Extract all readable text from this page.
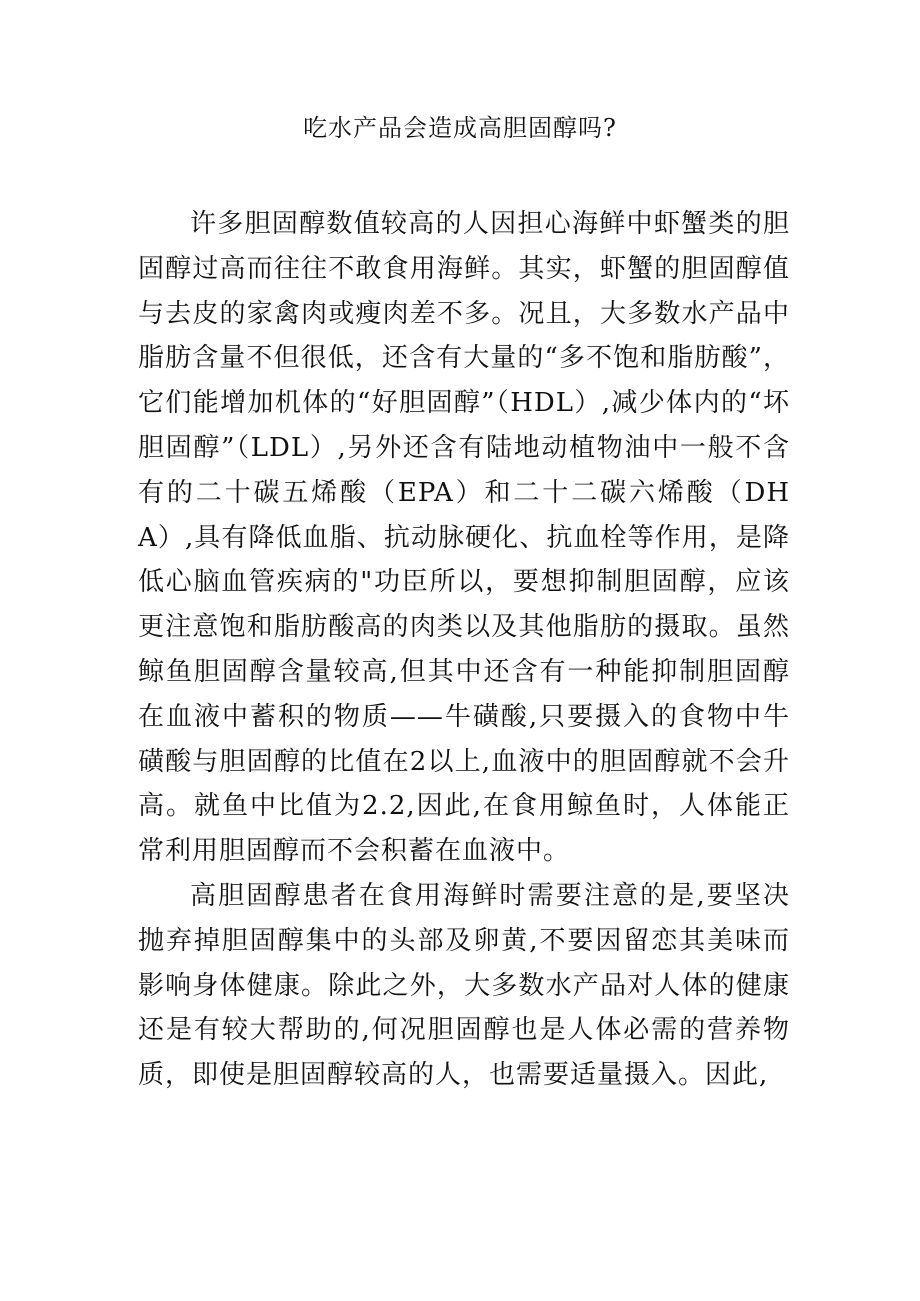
吃水产品会造成高胆固醇吗?

许多胆固醇数值较高的人因担心海鲜中虾蟹类的胆固醇过高而往往不敢食用海鲜。其实，虾蟹的胆固醇值与去皮的家禽肉或瘦肉差不多。况且，大多数水产品中脂肪含量不但很低，还含有大量的“多不饱和脂肪酸”，它们能增加机体的“好胆固醇”（HDL）,减少体内的“坏胆固醇”（LDL）,另外还含有陆地动植物油中一般不含有的二十碳五烯酸（EPA）和二十二碳六烯酸（DHA）,具有降低血脂、抗动脉硬化、抗血栓等作用，是降低心脑血管疾病的"功臣所以，要想抑制胆固醇，应该更注意饱和脂肪酸高的肉类以及其他脂肪的摄取。虽然鲸鱼胆固醇含量较高,但其中还含有一种能抑制胆固醇在血液中蓄积的物质——牛磺酸,只要摄入的食物中牛磺酸与胆固醇的比值在2以上,血液中的胆固醇就不会升高。就鱼中比值为2.2,因此,在食用鲸鱼时，人体能正常利用胆固醇而不会积蓄在血液中。

高胆固醇患者在食用海鲜时需要注意的是,要坚决抛弃掉胆固醇集中的头部及卵黄,不要因留恋其美味而影响身体健康。除此之外，大多数水产品对人体的健康还是有较大帮助的,何况胆固醇也是人体必需的营养物质，即使是胆固醇较高的人，也需要适量摄入。因此,
